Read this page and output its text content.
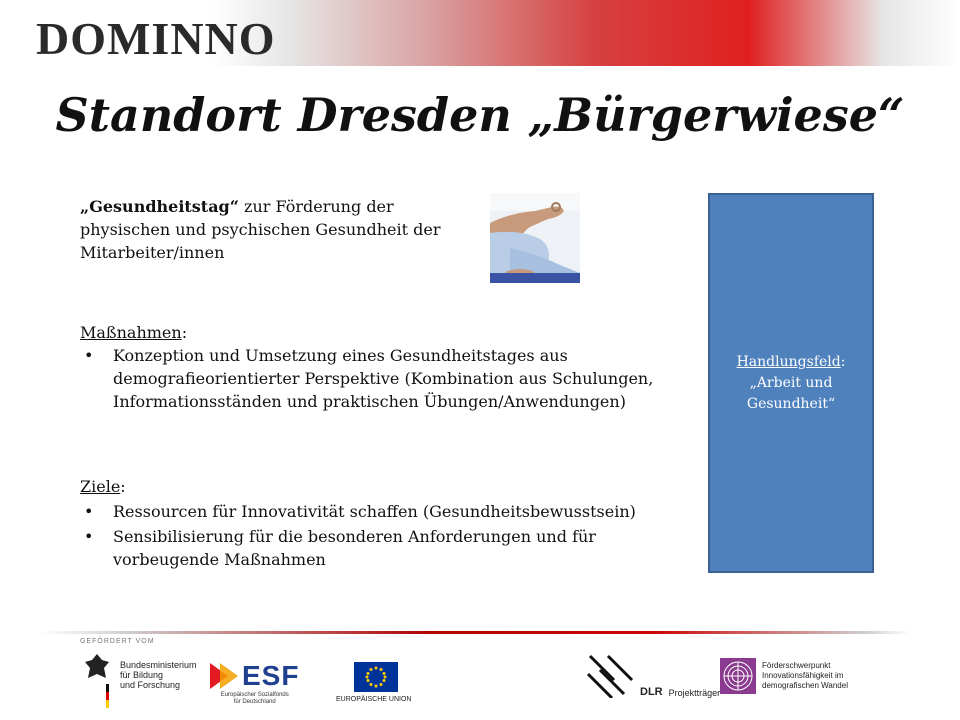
DOMINNO
Standort Dresden „Bürgerwiese“
„Gesundheitstag“ zur Förderung der physischen und psychischen Gesundheit der Mitarbeiter/innen
Maßnahmen:
• Konzeption und Umsetzung eines Gesundheitstages aus demografieorientierter Perspektive (Kombination aus Schulungen, Informationsständen und praktischen Übungen/Anwendungen)
Ziele:
• Ressourcen für Innovativität schaffen (Gesundheitsbewusstsein)
• Sensibilisierung für die besonderen Anforderungen und für vorbeugende Maßnahmen
Handlungsfeld:
„Arbeit und Gesundheit“
GEFÖRDERT VOM
Bundesministerium
für Bildung
und Forschung	ESF
Europäischer Sozialfonds
für Deutschland	EUROPÄISCHE UNION
DLR Projektträger
Förderschwerpunkt
Innovationsfähigkeit im
demografischen Wandel
